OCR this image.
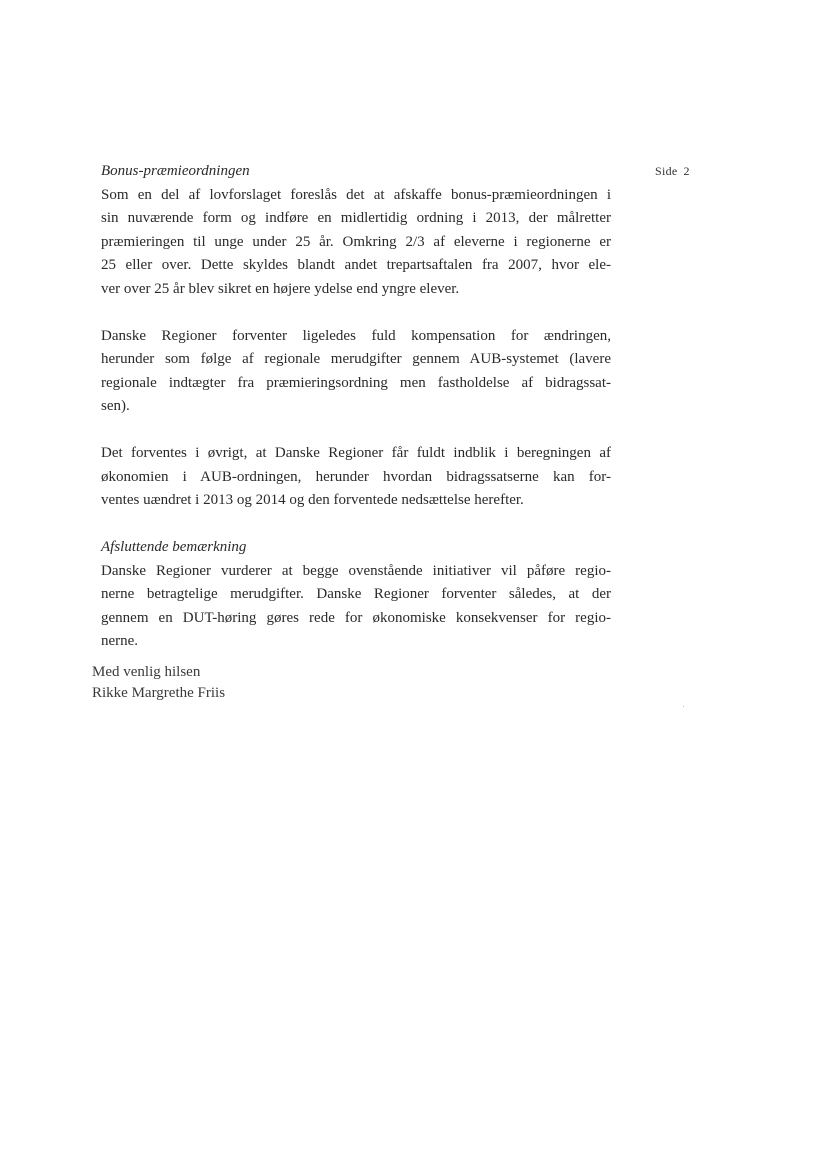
Side 2
Bonus-præmieordningen
Som en del af lovforslaget foreslås det at afskaffe bonus-præmieordningen i
sin nuværende form og indføre en midlertidig ordning i 2013, der målretter
præmieringen til unge under 25 år. Omkring 2/3 af eleverne i regionerne er
25 eller over. Dette skyldes blandt andet trepartsaftalen fra 2007, hvor ele-
ver over 25 år blev sikret en højere ydelse end yngre elever.
Danske Regioner forventer ligeledes fuld kompensation for ændringen,
herunder som følge af regionale merudgifter gennem AUB-systemet (lavere
regionale indtægter fra præmieringsordning men fastholdelse af bidragssat-
sen).
Det forventes i øvrigt, at Danske Regioner får fuldt indblik i beregningen af
økonomien i AUB-ordningen, herunder hvordan bidragssatserne kan for-
ventes uændret i 2013 og 2014 og den forventede nedsættelse herefter.
Afsluttende bemærkning
Danske Regioner vurderer at begge ovenstående initiativer vil påføre regio-
nerne betragtelige merudgifter. Danske Regioner forventer således, at der
gennem en DUT-høring gøres rede for økonomiske konsekvenser for regio-
nerne.
Med venlig hilsen
Rikke Margrethe Friis
